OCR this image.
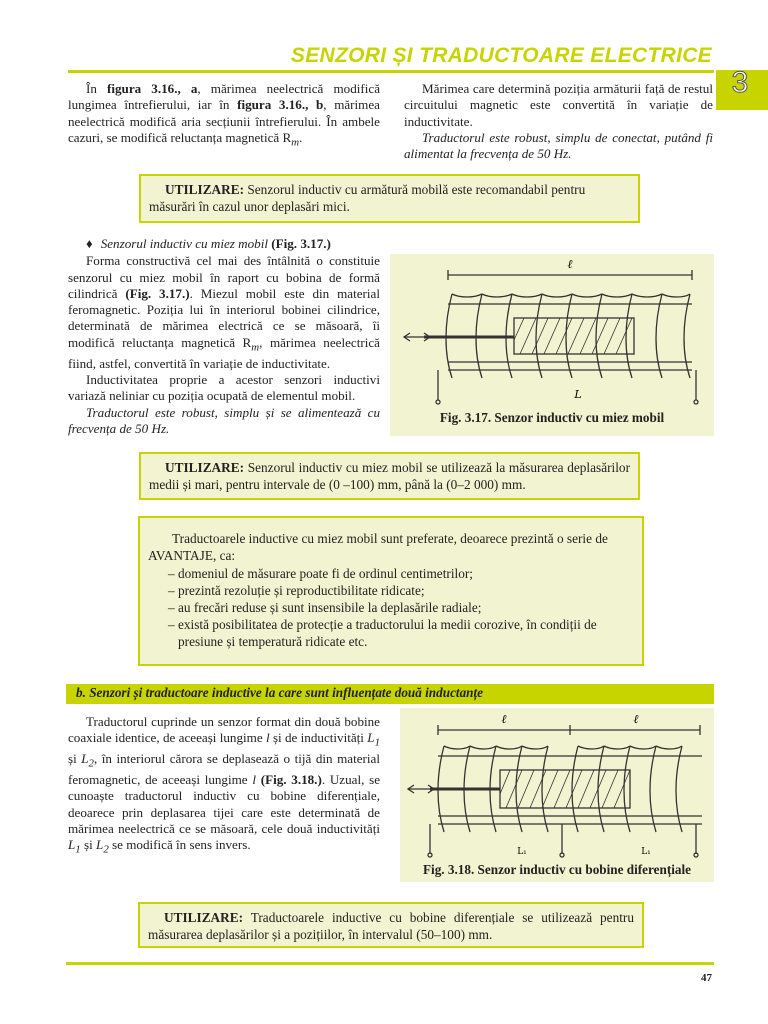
SENZORI ȘI TRADUCTOARE ELECTRICE
3

În figura 3.16., a, mărimea neelectrică modifică lungimea întrefierului, iar în figura 3.16., b, mărimea neelectrică modifică aria secțiunii întrefierului. În ambele cazuri, se modifică reluctanța magnetică $R_m$.

Mărimea care determină poziția armăturii față de restul circuitului magnetic este convertită în variație de inductivitate.

Traductorul este robust, simplu de conectat, putând fi alimentat la frecvența de 50 Hz.

UTILIZARE: Senzorul inductiv cu armătură mobilă este recomandabil pentru măsurări în cazul unor deplasări mici.

♦ Senzorul inductiv cu miez mobil (Fig. 3.17.)

Forma constructivă cel mai des întâlnită o constituie senzorul cu miez mobil în raport cu bobina de formă cilindrică (Fig. 3.17.). Miezul mobil este din material feromagnetic. Poziția lui în interiorul bobinei cilindrice, determinată de mărimea electrică ce se măsoară, îi modifică reluctanța magnetică $R_m$, mărimea neelectrică fiind, astfel, convertită în variație de inductivitate.

Inductivitatea proprie a acestor senzori inductivi variază neliniar cu poziția ocupată de elementul mobil.

Traductorul este robust, simplu și se alimentează cu frecvența de 50 Hz.

ℓ
L
Fig. 3.17. Senzor inductiv cu miez mobil
UTILIZARE: Senzorul inductiv cu miez mobil se utilizează la măsurarea deplasărilor medii și mari, pentru intervale de (0 –100) mm, până la (0–2 000) mm.
Traductoarele inductive cu miez mobil sunt preferate, deoarece prezintă o serie de AVANTAJE, ca:
– domeniul de măsurare poate fi de ordinul centimetrilor;
– prezintă rezoluție și reproductibilitate ridicate;
– au frecări reduse și sunt insensibile la deplasările radiale;
– există posibilitatea de protecție a traductorului la medii corozive, în condiții de presiune și temperatură ridicate etc.
b. Senzori și traductoare inductive la care sunt influențate două inductanțe

Traductorul cuprinde un senzor format din două bobine coaxiale identice, de aceeași lungime l și de inductivități $L_1$ și $L_2$, în interiorul cărora se deplasează o tijă din material feromagnetic, de aceeași lungime l (Fig. 3.18.). Uzual, se cunoaște traductorul inductiv cu bobine diferențiale, deoarece prin deplasarea tijei care este determinată de mărimea neelectrică ce se măsoară, cele două inductivități $L_1$ și $L_2$ se modifică în sens invers.

ℓ	ℓ
L₁	L₁
Fig. 3.18. Senzor inductiv cu bobine diferențiale
UTILIZARE: Traductoarele inductive cu bobine diferențiale se utilizează pentru măsurarea deplasărilor și a pozițiilor, în intervalul (50–100) mm.
47
